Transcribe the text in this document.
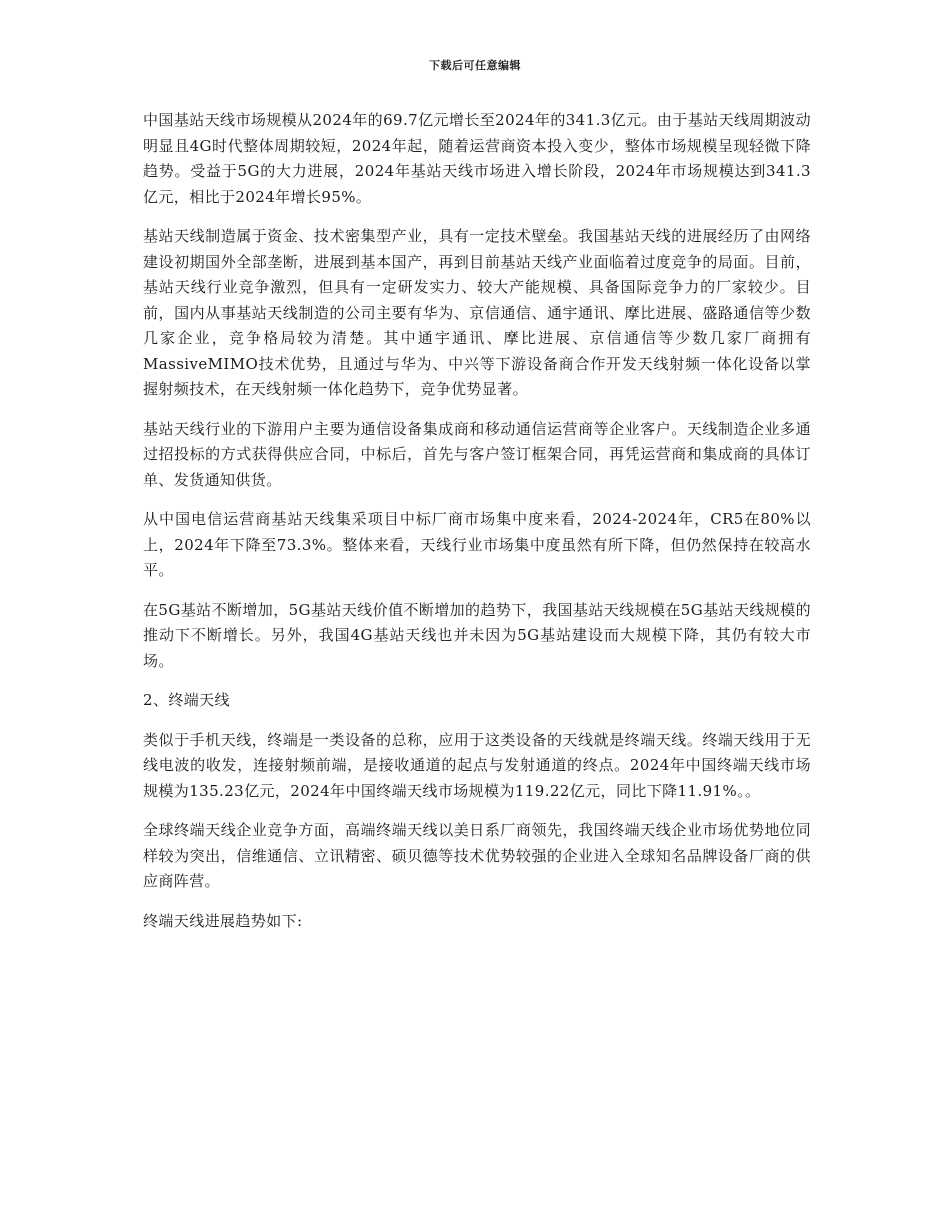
下载后可任意编辑

中国基站天线市场规模从2024年的69.7亿元增长至2024年的341.3亿元。由于基站天线周期波动明显且4G时代整体周期较短，2024年起，随着运营商资本投入变少，整体市场规模呈现轻微下降趋势。受益于5G的大力进展，2024年基站天线市场进入增长阶段，2024年市场规模达到341.3亿元，相比于2024年增长95%。

基站天线制造属于资金、技术密集型产业，具有一定技术壁垒。我国基站天线的进展经历了由网络建设初期国外全部垄断，进展到基本国产，再到目前基站天线产业面临着过度竞争的局面。目前，基站天线行业竞争激烈，但具有一定研发实力、较大产能规模、具备国际竞争力的厂家较少。目前，国内从事基站天线制造的公司主要有华为、京信通信、通宇通讯、摩比进展、盛路通信等少数几家企业，竞争格局较为清楚。其中通宇通讯、摩比进展、京信通信等少数几家厂商拥有MassiveMIMO技术优势，且通过与华为、中兴等下游设备商合作开发天线射频一体化设备以掌握射频技术，在天线射频一体化趋势下，竞争优势显著。

基站天线行业的下游用户主要为通信设备集成商和移动通信运营商等企业客户。天线制造企业多通过招投标的方式获得供应合同，中标后，首先与客户签订框架合同，再凭运营商和集成商的具体订单、发货通知供货。

从中国电信运营商基站天线集采项目中标厂商市场集中度来看，2024-2024年，CR5在80%以上，2024年下降至73.3%。整体来看，天线行业市场集中度虽然有所下降，但仍然保持在较高水平。

在5G基站不断增加，5G基站天线价值不断增加的趋势下，我国基站天线规模在5G基站天线规模的推动下不断增长。另外，我国4G基站天线也并未因为5G基站建设而大规模下降，其仍有较大市场。

2、终端天线

类似于手机天线，终端是一类设备的总称，应用于这类设备的天线就是终端天线。终端天线用于无线电波的收发，连接射频前端，是接收通道的起点与发射通道的终点。2024年中国终端天线市场规模为135.23亿元，2024年中国终端天线市场规模为119.22亿元，同比下降11.91%。。

全球终端天线企业竞争方面，高端终端天线以美日系厂商领先，我国终端天线企业市场优势地位同样较为突出，信维通信、立讯精密、硕贝德等技术优势较强的企业进入全球知名品牌设备厂商的供应商阵营。

终端天线进展趋势如下:
